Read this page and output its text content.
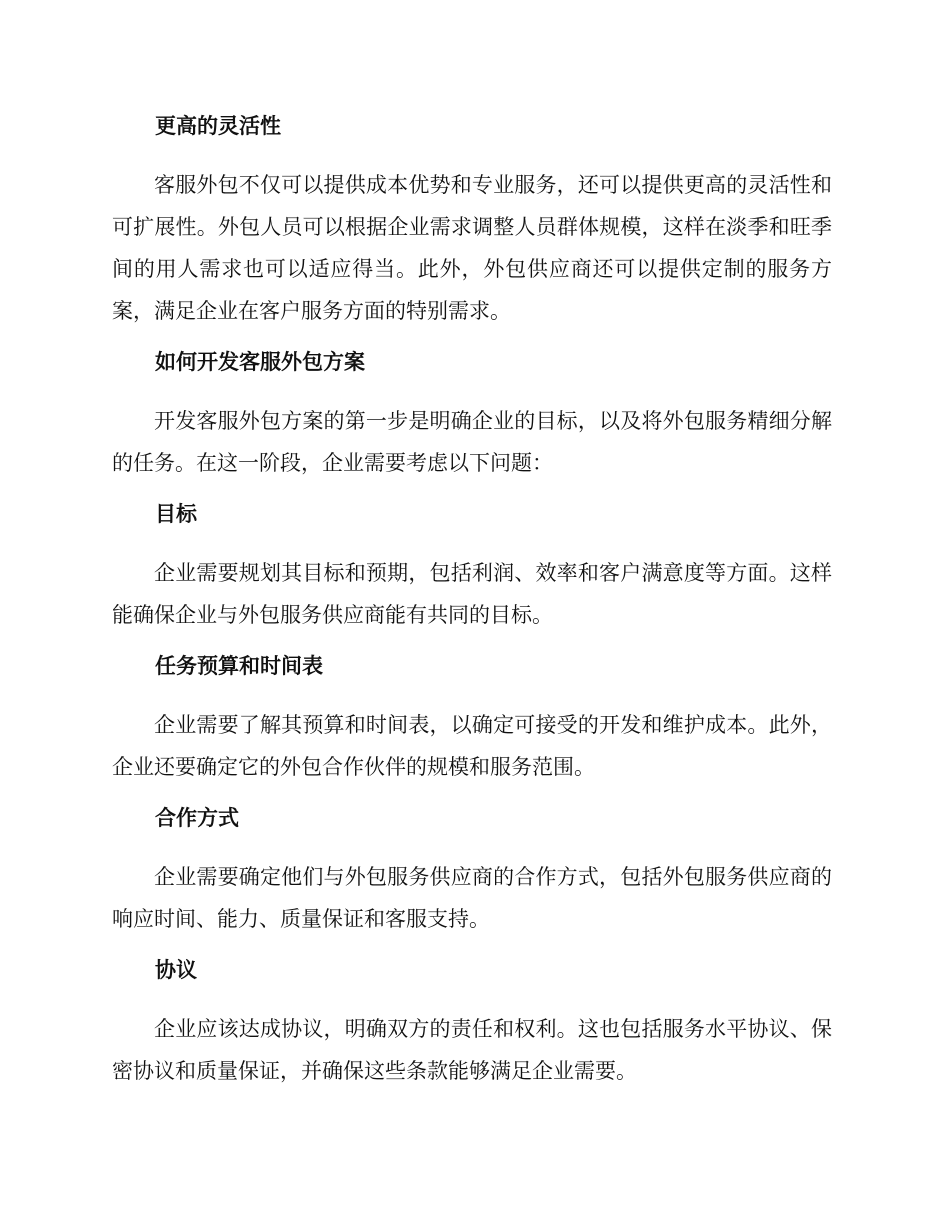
更高的灵活性

客服外包不仅可以提供成本优势和专业服务，还可以提供更高的灵活性和可扩展性。外包人员可以根据企业需求调整人员群体规模，这样在淡季和旺季间的用人需求也可以适应得当。此外，外包供应商还可以提供定制的服务方案，满足企业在客户服务方面的特别需求。

如何开发客服外包方案

开发客服外包方案的第一步是明确企业的目标，以及将外包服务精细分解的任务。在这一阶段，企业需要考虑以下问题：

目标

企业需要规划其目标和预期，包括利润、效率和客户满意度等方面。这样能确保企业与外包服务供应商能有共同的目标。

任务预算和时间表

企业需要了解其预算和时间表，以确定可接受的开发和维护成本。此外，企业还要确定它的外包合作伙伴的规模和服务范围。

合作方式

企业需要确定他们与外包服务供应商的合作方式，包括外包服务供应商的响应时间、能力、质量保证和客服支持。

协议

企业应该达成协议，明确双方的责任和权利。这也包括服务水平协议、保密协议和质量保证，并确保这些条款能够满足企业需要。
